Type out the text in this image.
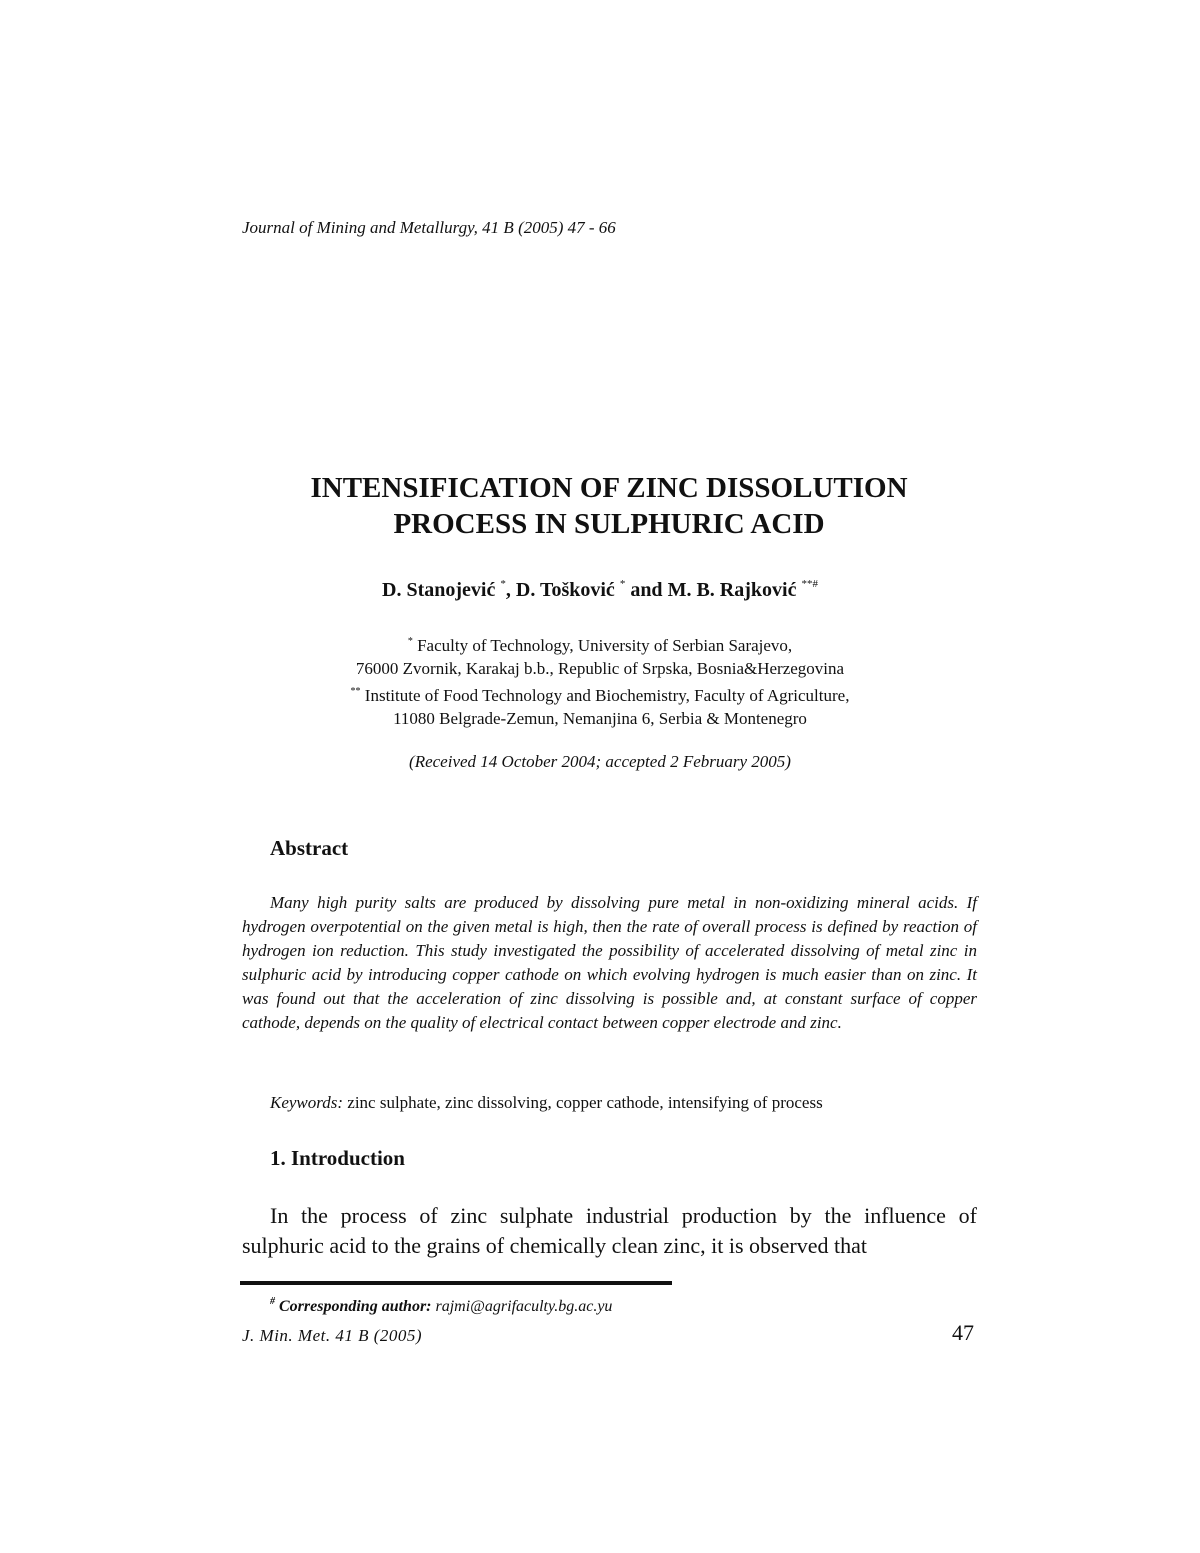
Journal of Mining and Metallurgy, 41 B (2005) 47 - 66
INTENSIFICATION OF ZINC DISSOLUTION
PROCESS IN SULPHURIC ACID
D. Stanojević *, D. Tošković * and M. B. Rajković **#
* Faculty of Technology, University of Serbian Sarajevo,
76000 Zvornik, Karakaj b.b., Republic of Srpska, Bosnia&Herzegovina
** Institute of Food Technology and Biochemistry, Faculty of Agriculture,
11080 Belgrade-Zemun, Nemanjina 6, Serbia & Montenegro
(Received 14 October 2004; accepted 2 February 2005)
Abstract

Many high purity salts are produced by dissolving pure metal in non-oxidizing mineral acids. If hydrogen overpotential on the given metal is high, then the rate of overall process is defined by reaction of hydrogen ion reduction. This study investigated the possibility of accelerated dissolving of metal zinc in sulphuric acid by introducing copper cathode on which evolving hydrogen is much easier than on zinc. It was found out that the acceleration of zinc dissolving is possible and, at constant surface of copper cathode, depends on the quality of electrical contact between copper electrode and zinc.

Keywords: zinc sulphate, zinc dissolving, copper cathode, intensifying of process
1. Introduction

In the process of zinc sulphate industrial production by the influence of sulphuric acid to the grains of chemically clean zinc, it is observed that

# Corresponding author: rajmi@agrifaculty.bg.ac.yu
J. Min. Met. 41 B (2005)	47
